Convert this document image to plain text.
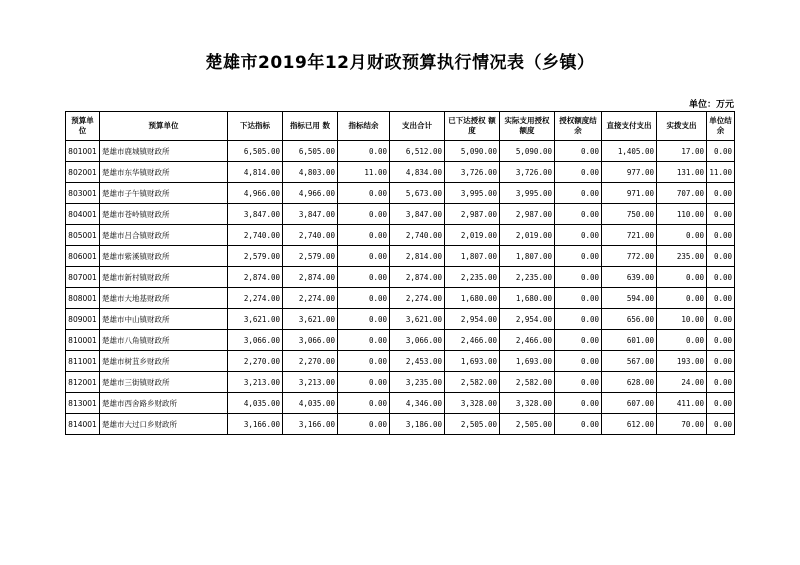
楚雄市2019年12月财政预算执行情况表（乡镇）
单位：万元
预算单位	预算单位	下达指标	指标已用 数	指标结余	支出合计	已下达授权 额 度	实际支用授权额度	授权额度结余	直接支付支出	实拨支出	单位结余
801001	楚雄市鹿城镇财政所	6,505.00	6,505.00	0.00	6,512.00	5,090.00	5,090.00	0.00	1,405.00	17.00	0.00
802001	楚雄市东华镇财政所	4,814.00	4,803.00	11.00	4,834.00	3,726.00	3,726.00	0.00	977.00	131.00	11.00
803001	楚雄市子午镇财政所	4,966.00	4,966.00	0.00	5,673.00	3,995.00	3,995.00	0.00	971.00	707.00	0.00
804001	楚雄市苍岭镇财政所	3,847.00	3,847.00	0.00	3,847.00	2,987.00	2,987.00	0.00	750.00	110.00	0.00
805001	楚雄市吕合镇财政所	2,740.00	2,740.00	0.00	2,740.00	2,019.00	2,019.00	0.00	721.00	0.00	0.00
806001	楚雄市紫溪镇财政所	2,579.00	2,579.00	0.00	2,814.00	1,807.00	1,807.00	0.00	772.00	235.00	0.00
807001	楚雄市新村镇财政所	2,874.00	2,874.00	0.00	2,874.00	2,235.00	2,235.00	0.00	639.00	0.00	0.00
808001	楚雄市大地基财政所	2,274.00	2,274.00	0.00	2,274.00	1,680.00	1,680.00	0.00	594.00	0.00	0.00
809001	楚雄市中山镇财政所	3,621.00	3,621.00	0.00	3,621.00	2,954.00	2,954.00	0.00	656.00	10.00	0.00
810001	楚雄市八角镇财政所	3,066.00	3,066.00	0.00	3,066.00	2,466.00	2,466.00	0.00	601.00	0.00	0.00
811001	楚雄市树苴乡财政所	2,270.00	2,270.00	0.00	2,453.00	1,693.00	1,693.00	0.00	567.00	193.00	0.00
812001	楚雄市三街镇财政所	3,213.00	3,213.00	0.00	3,235.00	2,582.00	2,582.00	0.00	628.00	24.00	0.00
813001	楚雄市西舍路乡财政所	4,035.00	4,035.00	0.00	4,346.00	3,328.00	3,328.00	0.00	607.00	411.00	0.00
814001	楚雄市大过口乡财政所	3,166.00	3,166.00	0.00	3,186.00	2,505.00	2,505.00	0.00	612.00	70.00	0.00
